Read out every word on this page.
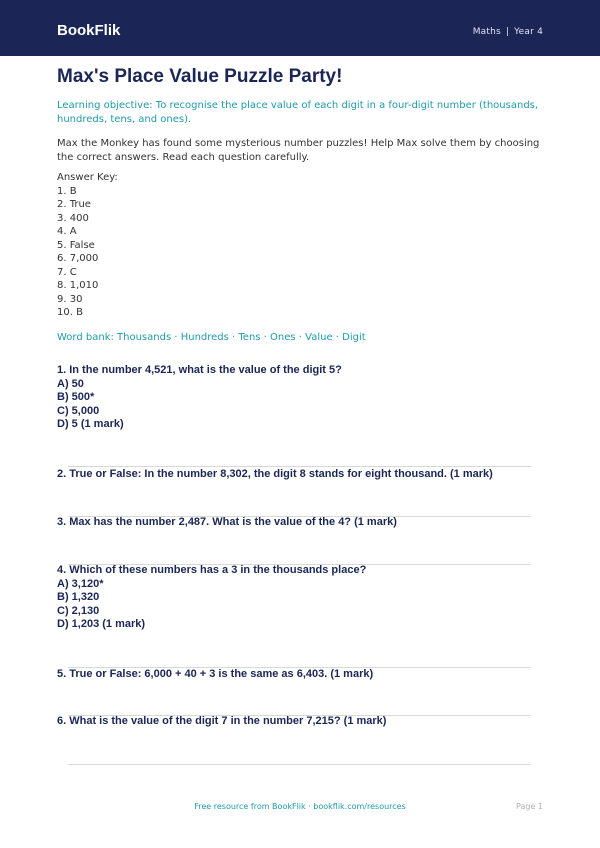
BookFlik	Maths | Year 4
Max's Place Value Puzzle Party!
Learning objective: To recognise the place value of each digit in a four-digit number (thousands, hundreds, tens, and ones).
Max the Monkey has found some mysterious number puzzles! Help Max solve them by choosing the correct answers. Read each question carefully.
Answer Key:
1. B
2. True
3. 400
4. A
5. False
6. 7,000
7. C
8. 1,010
9. 30
10. B
Word bank: Thousands · Hundreds · Tens · Ones · Value · Digit
1. In the number 4,521, what is the value of the digit 5?
A) 50
B) 500*
C) 5,000
D) 5 (1 mark)
2. True or False: In the number 8,302, the digit 8 stands for eight thousand. (1 mark)
3. Max has the number 2,487. What is the value of the 4? (1 mark)
4. Which of these numbers has a 3 in the thousands place?
A) 3,120*
B) 1,320
C) 2,130
D) 1,203 (1 mark)
5. True or False: 6,000 + 40 + 3 is the same as 6,403. (1 mark)
6. What is the value of the digit 7 in the number 7,215? (1 mark)
Free resource from BookFlik · bookflik.com/resources	Page 1
